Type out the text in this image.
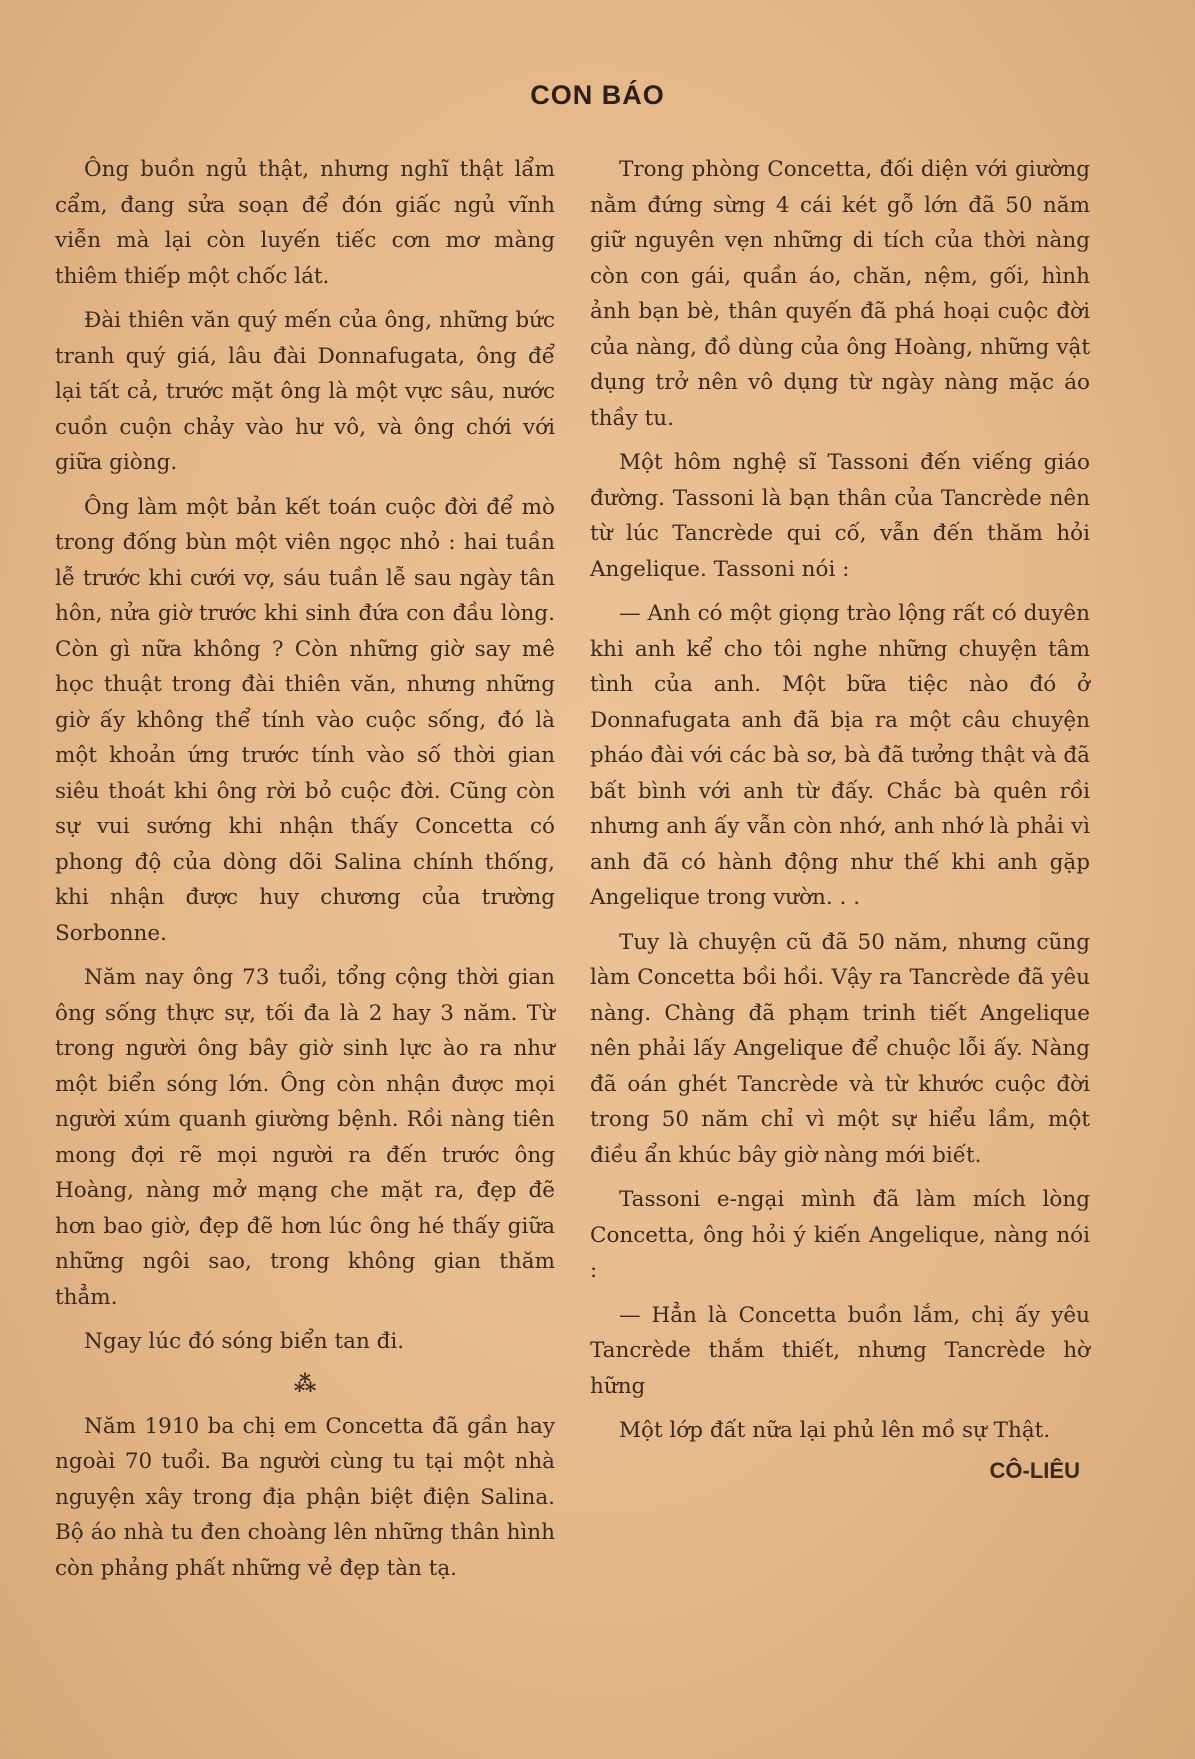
CON BÁO

Ông buồn ngủ thật, nhưng nghĩ thật lẩm cẩm, đang sửa soạn để đón giấc ngủ vĩnh viễn mà lại còn luyến tiếc cơn mơ màng thiêm thiếp một chốc lát.

Đài thiên văn quý mến của ông, những bức tranh quý giá, lâu đài Donnafugata, ông để lại tất cả, trước mặt ông là một vực sâu, nước cuồn cuộn chảy vào hư vô, và ông chới với giữa giòng.

Ông làm một bản kết toán cuộc đời để mò trong đống bùn một viên ngọc nhỏ : hai tuần lễ trước khi cưới vợ, sáu tuần lễ sau ngày tân hôn, nửa giờ trước khi sinh đứa con đầu lòng. Còn gì nữa không ? Còn những giờ say mê học thuật trong đài thiên văn, nhưng những giờ ấy không thể tính vào cuộc sống, đó là một khoản ứng trước tính vào số thời gian siêu thoát khi ông rời bỏ cuộc đời. Cũng còn sự vui sướng khi nhận thấy Concetta có phong độ của dòng dõi Salina chính thống, khi nhận được huy chương của trường Sorbonne.

Năm nay ông 73 tuổi, tổng cộng thời gian ông sống thực sự, tối đa là 2 hay 3 năm. Từ trong người ông bây giờ sinh lực ào ra như một biển sóng lớn. Ông còn nhận được mọi người xúm quanh giường bệnh. Rồi nàng tiên mong đợi rẽ mọi người ra đến trước ông Hoàng, nàng mở mạng che mặt ra, đẹp đẽ hơn bao giờ, đẹp đẽ hơn lúc ông hé thấy giữa những ngôi sao, trong không gian thăm thẳm.

Ngay lúc đó sóng biển tan đi.

⁂

Năm 1910 ba chị em Concetta đã gần hay ngoài 70 tuổi. Ba người cùng tu tại một nhà nguyện xây trong địa phận biệt điện Salina. Bộ áo nhà tu đen choàng lên những thân hình còn phảng phất những vẻ đẹp tàn tạ.

Trong phòng Concetta, đối diện với giường nằm đứng sừng 4 cái két gỗ lớn đã 50 năm giữ nguyên vẹn những di tích của thời nàng còn con gái, quần áo, chăn, nệm, gối, hình ảnh bạn bè, thân quyến đã phá hoại cuộc đời của nàng, đồ dùng của ông Hoàng, những vật dụng trở nên vô dụng từ ngày nàng mặc áo thầy tu.

Một hôm nghệ sĩ Tassoni đến viếng giáo đường. Tassoni là bạn thân của Tancrède nên từ lúc Tancrède qui cố, vẫn đến thăm hỏi Angelique. Tassoni nói :

— Anh có một giọng trào lộng rất có duyên khi anh kể cho tôi nghe những chuyện tâm tình của anh. Một bữa tiệc nào đó ở Donnafugata anh đã bịa ra một câu chuyện pháo đài với các bà sơ, bà đã tưởng thật và đã bất bình với anh từ đấy. Chắc bà quên rồi nhưng anh ấy vẫn còn nhớ, anh nhớ là phải vì anh đã có hành động như thế khi anh gặp Angelique trong vườn. . .

Tuy là chuyện cũ đã 50 năm, nhưng cũng làm Concetta bồi hồi. Vậy ra Tancrède đã yêu nàng. Chàng đã phạm trinh tiết Angelique nên phải lấy Angelique để chuộc lỗi ấy. Nàng đã oán ghét Tancrède và từ khước cuộc đời trong 50 năm chỉ vì một sự hiểu lầm, một điều ẩn khúc bây giờ nàng mới biết.

Tassoni e-ngại mình đã làm mích lòng Concetta, ông hỏi ý kiến Angelique, nàng nói :

— Hẳn là Concetta buồn lắm, chị ấy yêu Tancrède thắm thiết, nhưng Tancrède hờ hững

Một lớp đất nữa lại phủ lên mồ sự Thật.

CÔ-LIÊU
